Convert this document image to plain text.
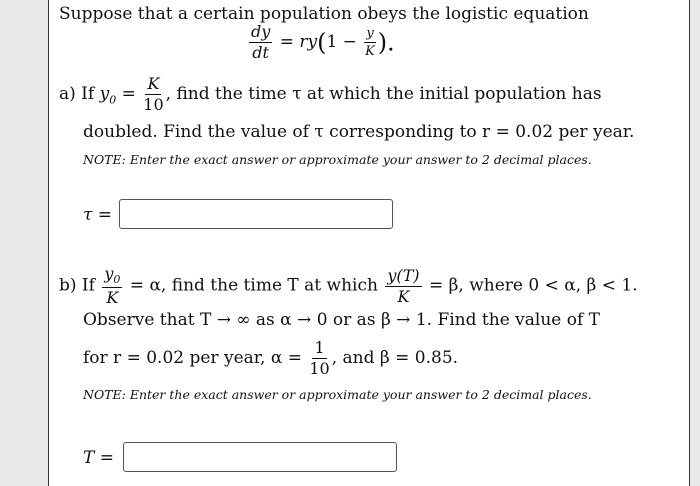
Suppose that a certain population obeys the logistic equation
$\frac{dy}{dt} = ry(1 - \frac{y}{K}$ ).
a) If $y_0 = \frac{K}{10}$ , find the time τ at which the initial population has
doubled. Find the value of τ corresponding to r = 0.02 per year.
NOTE: Enter the exact answer or approximate your answer to 2 decimal places.
τ =
b) If $\frac{y_0}{K} = \alpha$, find the time T at which $\frac{y(T)}{K} = \beta$, where 0 < α, β < 1.
Observe that T → ∞ as α → 0 or as β → 1. Find the value of T
for r = 0.02 per year, $\alpha = \frac{1}{10}$ , and β = 0.85.
NOTE: Enter the exact answer or approximate your answer to 2 decimal places.
T =
